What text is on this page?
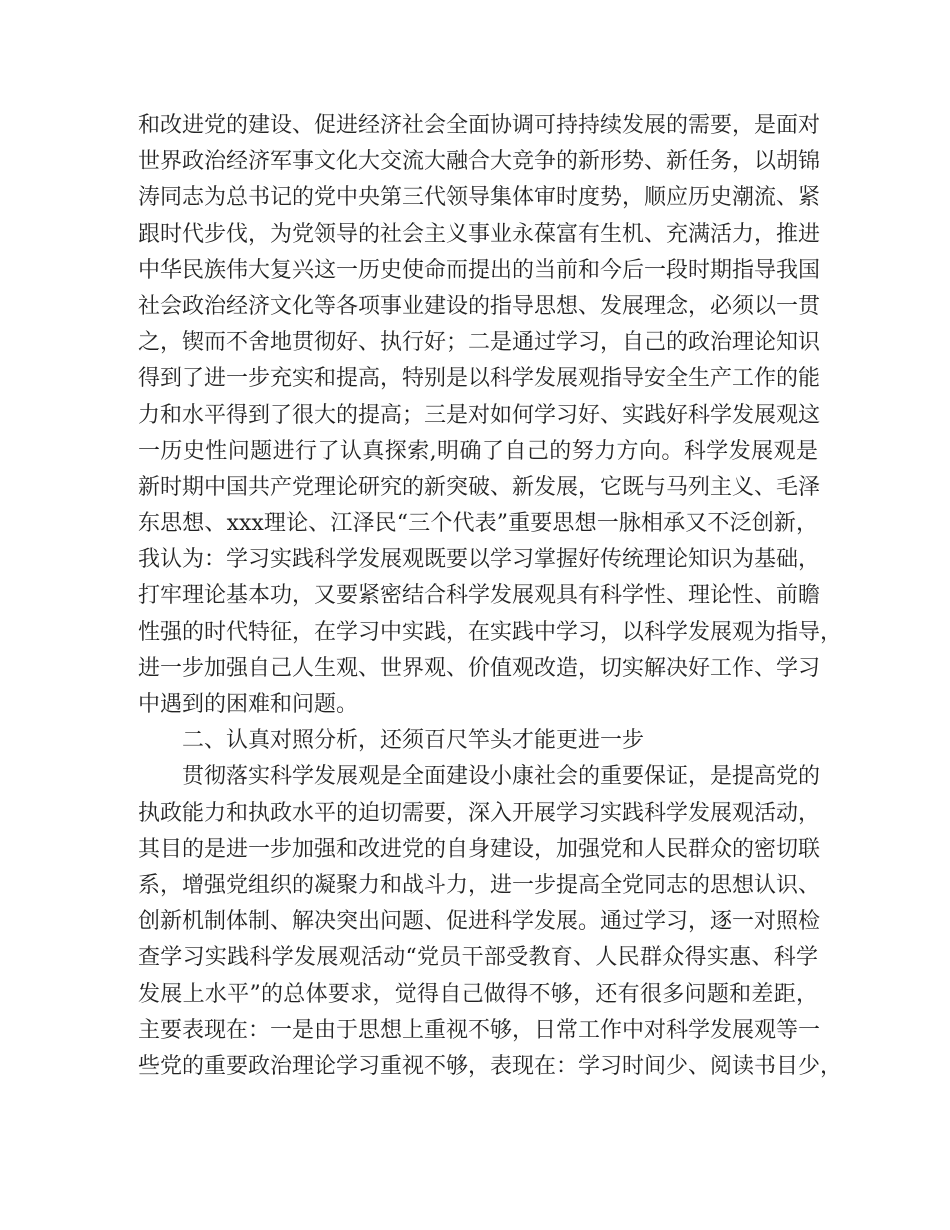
和改进党的建设、促进经济社会全面协调可持持续发展的需要，是面对
世界政治经济军事文化大交流大融合大竞争的新形势、新任务，以胡锦
涛同志为总书记的党中央第三代领导集体审时度势，顺应历史潮流、紧
跟时代步伐，为党领导的社会主义事业永葆富有生机、充满活力，推进
中华民族伟大复兴这一历史使命而提出的当前和今后一段时期指导我国
社会政治经济文化等各项事业建设的指导思想、发展理念，必须以一贯
之，锲而不舍地贯彻好、执行好；二是通过学习，自己的政治理论知识
得到了进一步充实和提高，特别是以科学发展观指导安全生产工作的能
力和水平得到了很大的提高；三是对如何学习好、实践好科学发展观这
一历史性问题进行了认真探索,明确了自己的努力方向。科学发展观是
新时期中国共产党理论研究的新突破、新发展，它既与马列主义、毛泽
东思想、xxx理论、江泽民“三个代表”重要思想一脉相承又不泛创新，
我认为：学习实践科学发展观既要以学习掌握好传统理论知识为基础，
打牢理论基本功，又要紧密结合科学发展观具有科学性、理论性、前瞻
性强的时代特征，在学习中实践，在实践中学习，以科学发展观为指导，
进一步加强自己人生观、世界观、价值观改造，切实解决好工作、学习
中遇到的困难和问题。
二、认真对照分析，还须百尺竿头才能更进一步
贯彻落实科学发展观是全面建设小康社会的重要保证，是提高党的
执政能力和执政水平的迫切需要，深入开展学习实践科学发展观活动，
其目的是进一步加强和改进党的自身建设，加强党和人民群众的密切联
系，增强党组织的凝聚力和战斗力，进一步提高全党同志的思想认识、
创新机制体制、解决突出问题、促进科学发展。通过学习，逐一对照检
查学习实践科学发展观活动“党员干部受教育、人民群众得实惠、科学
发展上水平”的总体要求，觉得自己做得不够，还有很多问题和差距，
主要表现在：一是由于思想上重视不够，日常工作中对科学发展观等一
些党的重要政治理论学习重视不够，表现在：学习时间少、阅读书目少，
